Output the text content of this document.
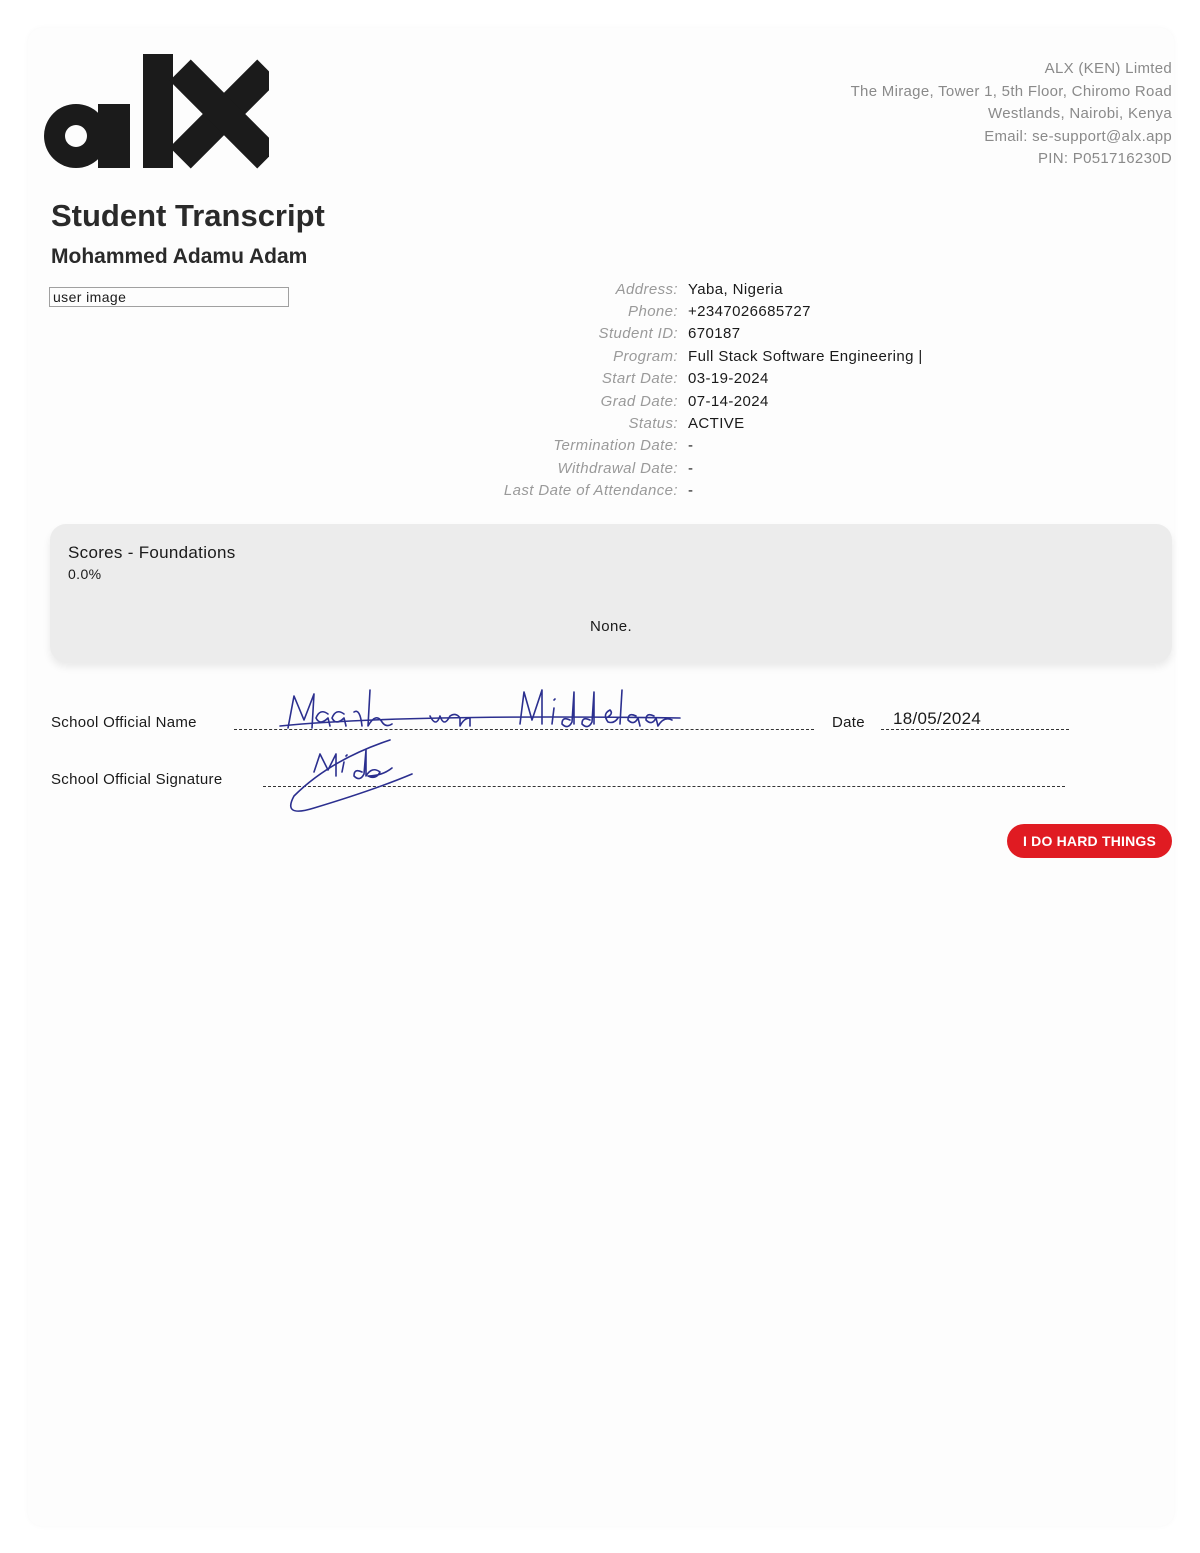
ALX (KEN) Limted
The Mirage, Tower 1, 5th Floor, Chiromo Road
Westlands, Nairobi, Kenya
Email: se-support@alx.app
PIN: P051716230D
Student Transcript
Mohammed Adamu Adam
user image	Address: Yaba, Nigeria
Phone: +2347026685727
Student ID: 670187
Program: Full Stack Software Engineering |
Start Date: 03-19-2024
Grad Date: 07-14-2024
Status: ACTIVE
Termination Date: -
Withdrawal Date: -
Last Date of Attendance: -
Scores - Foundations
0.0%
None.
School Official Name	Date 18/05/2024
School Official Signature
I DO HARD THINGS
